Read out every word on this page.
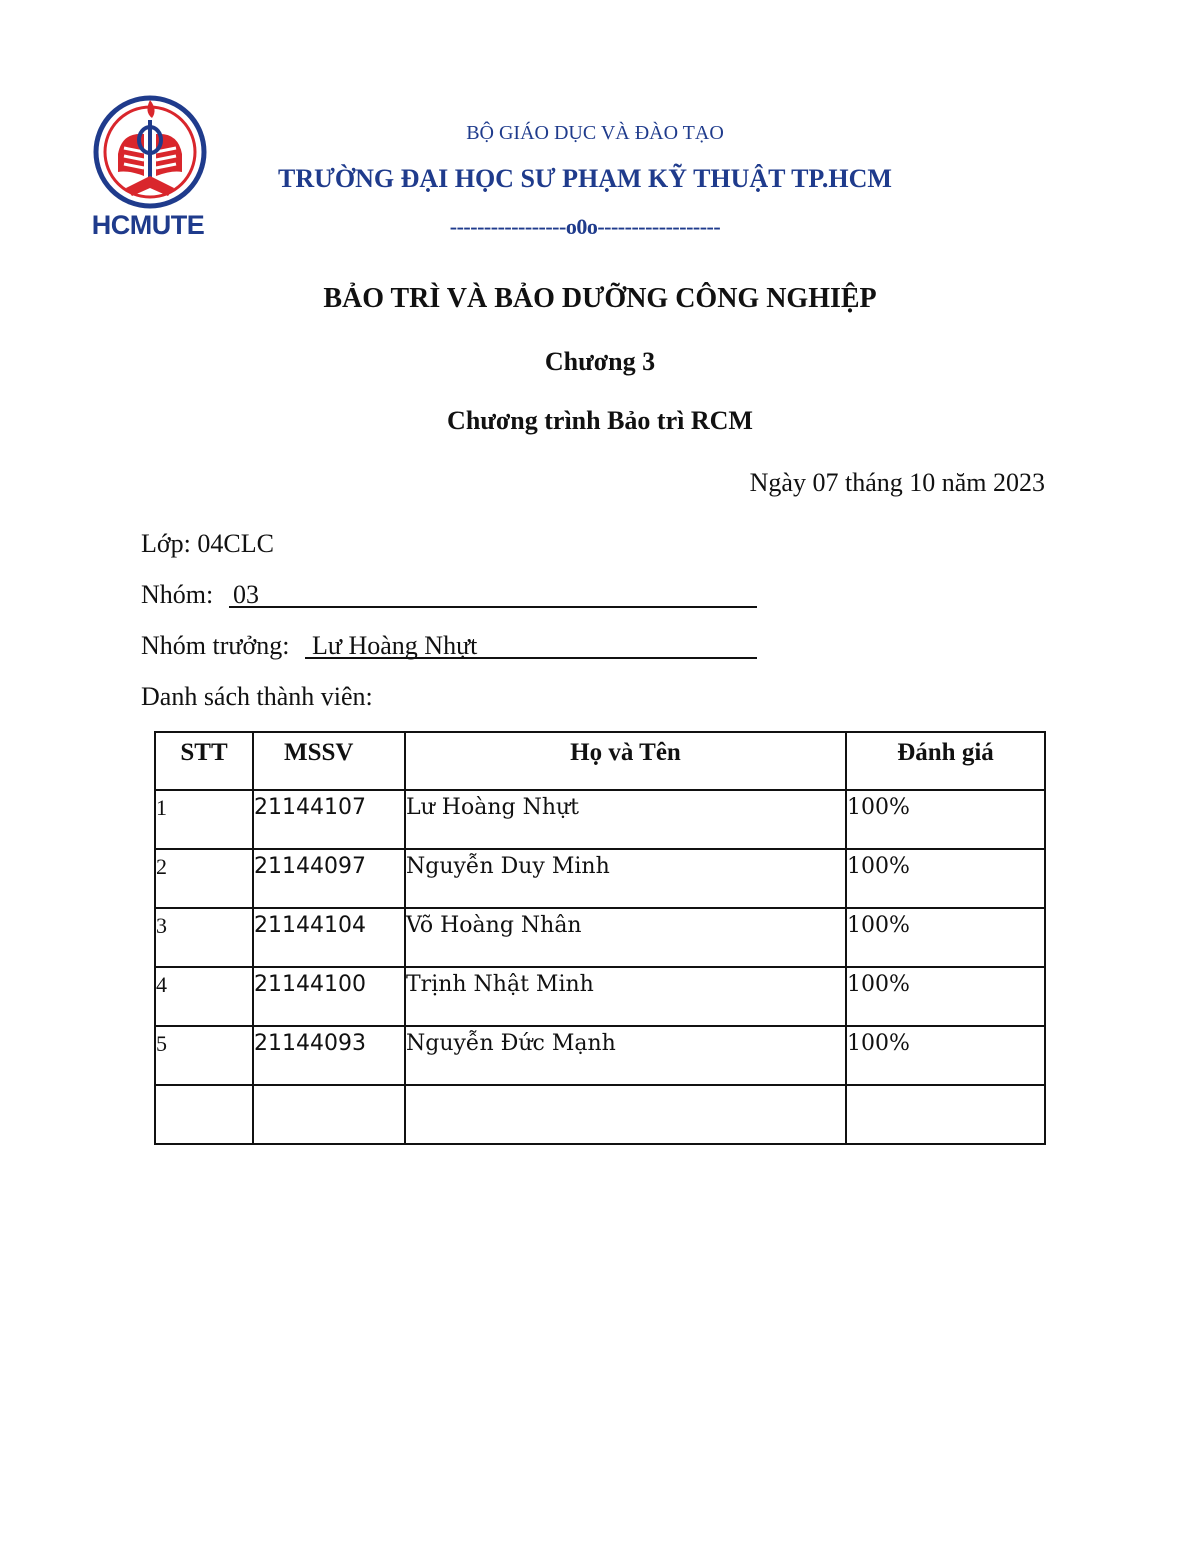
HCMUTE
BỘ GIÁO DỤC VÀ ĐÀO TẠO
TRƯỜNG ĐẠI HỌC SƯ PHẠM KỸ THUẬT TP.HCM
-----------------o0o------------------
BẢO TRÌ VÀ BẢO DƯỠNG CÔNG NGHIỆP
Chương 3
Chương trình Bảo trì RCM
Ngày 07 tháng 10 năm 2023
Lớp: 04CLC
Nhóm: 03
Nhóm trưởng: Lư Hoàng Nhựt
Danh sách thành viên:
STT	MSSV	Họ và Tên	Đánh giá
1	21144107	Lư Hoàng Nhựt	100%
2	21144097	Nguyễn Duy Minh	100%
3	21144104	Võ Hoàng Nhân	100%
4	21144100	Trịnh Nhật Minh	100%
5	21144093	Nguyễn Đức Mạnh	100%
